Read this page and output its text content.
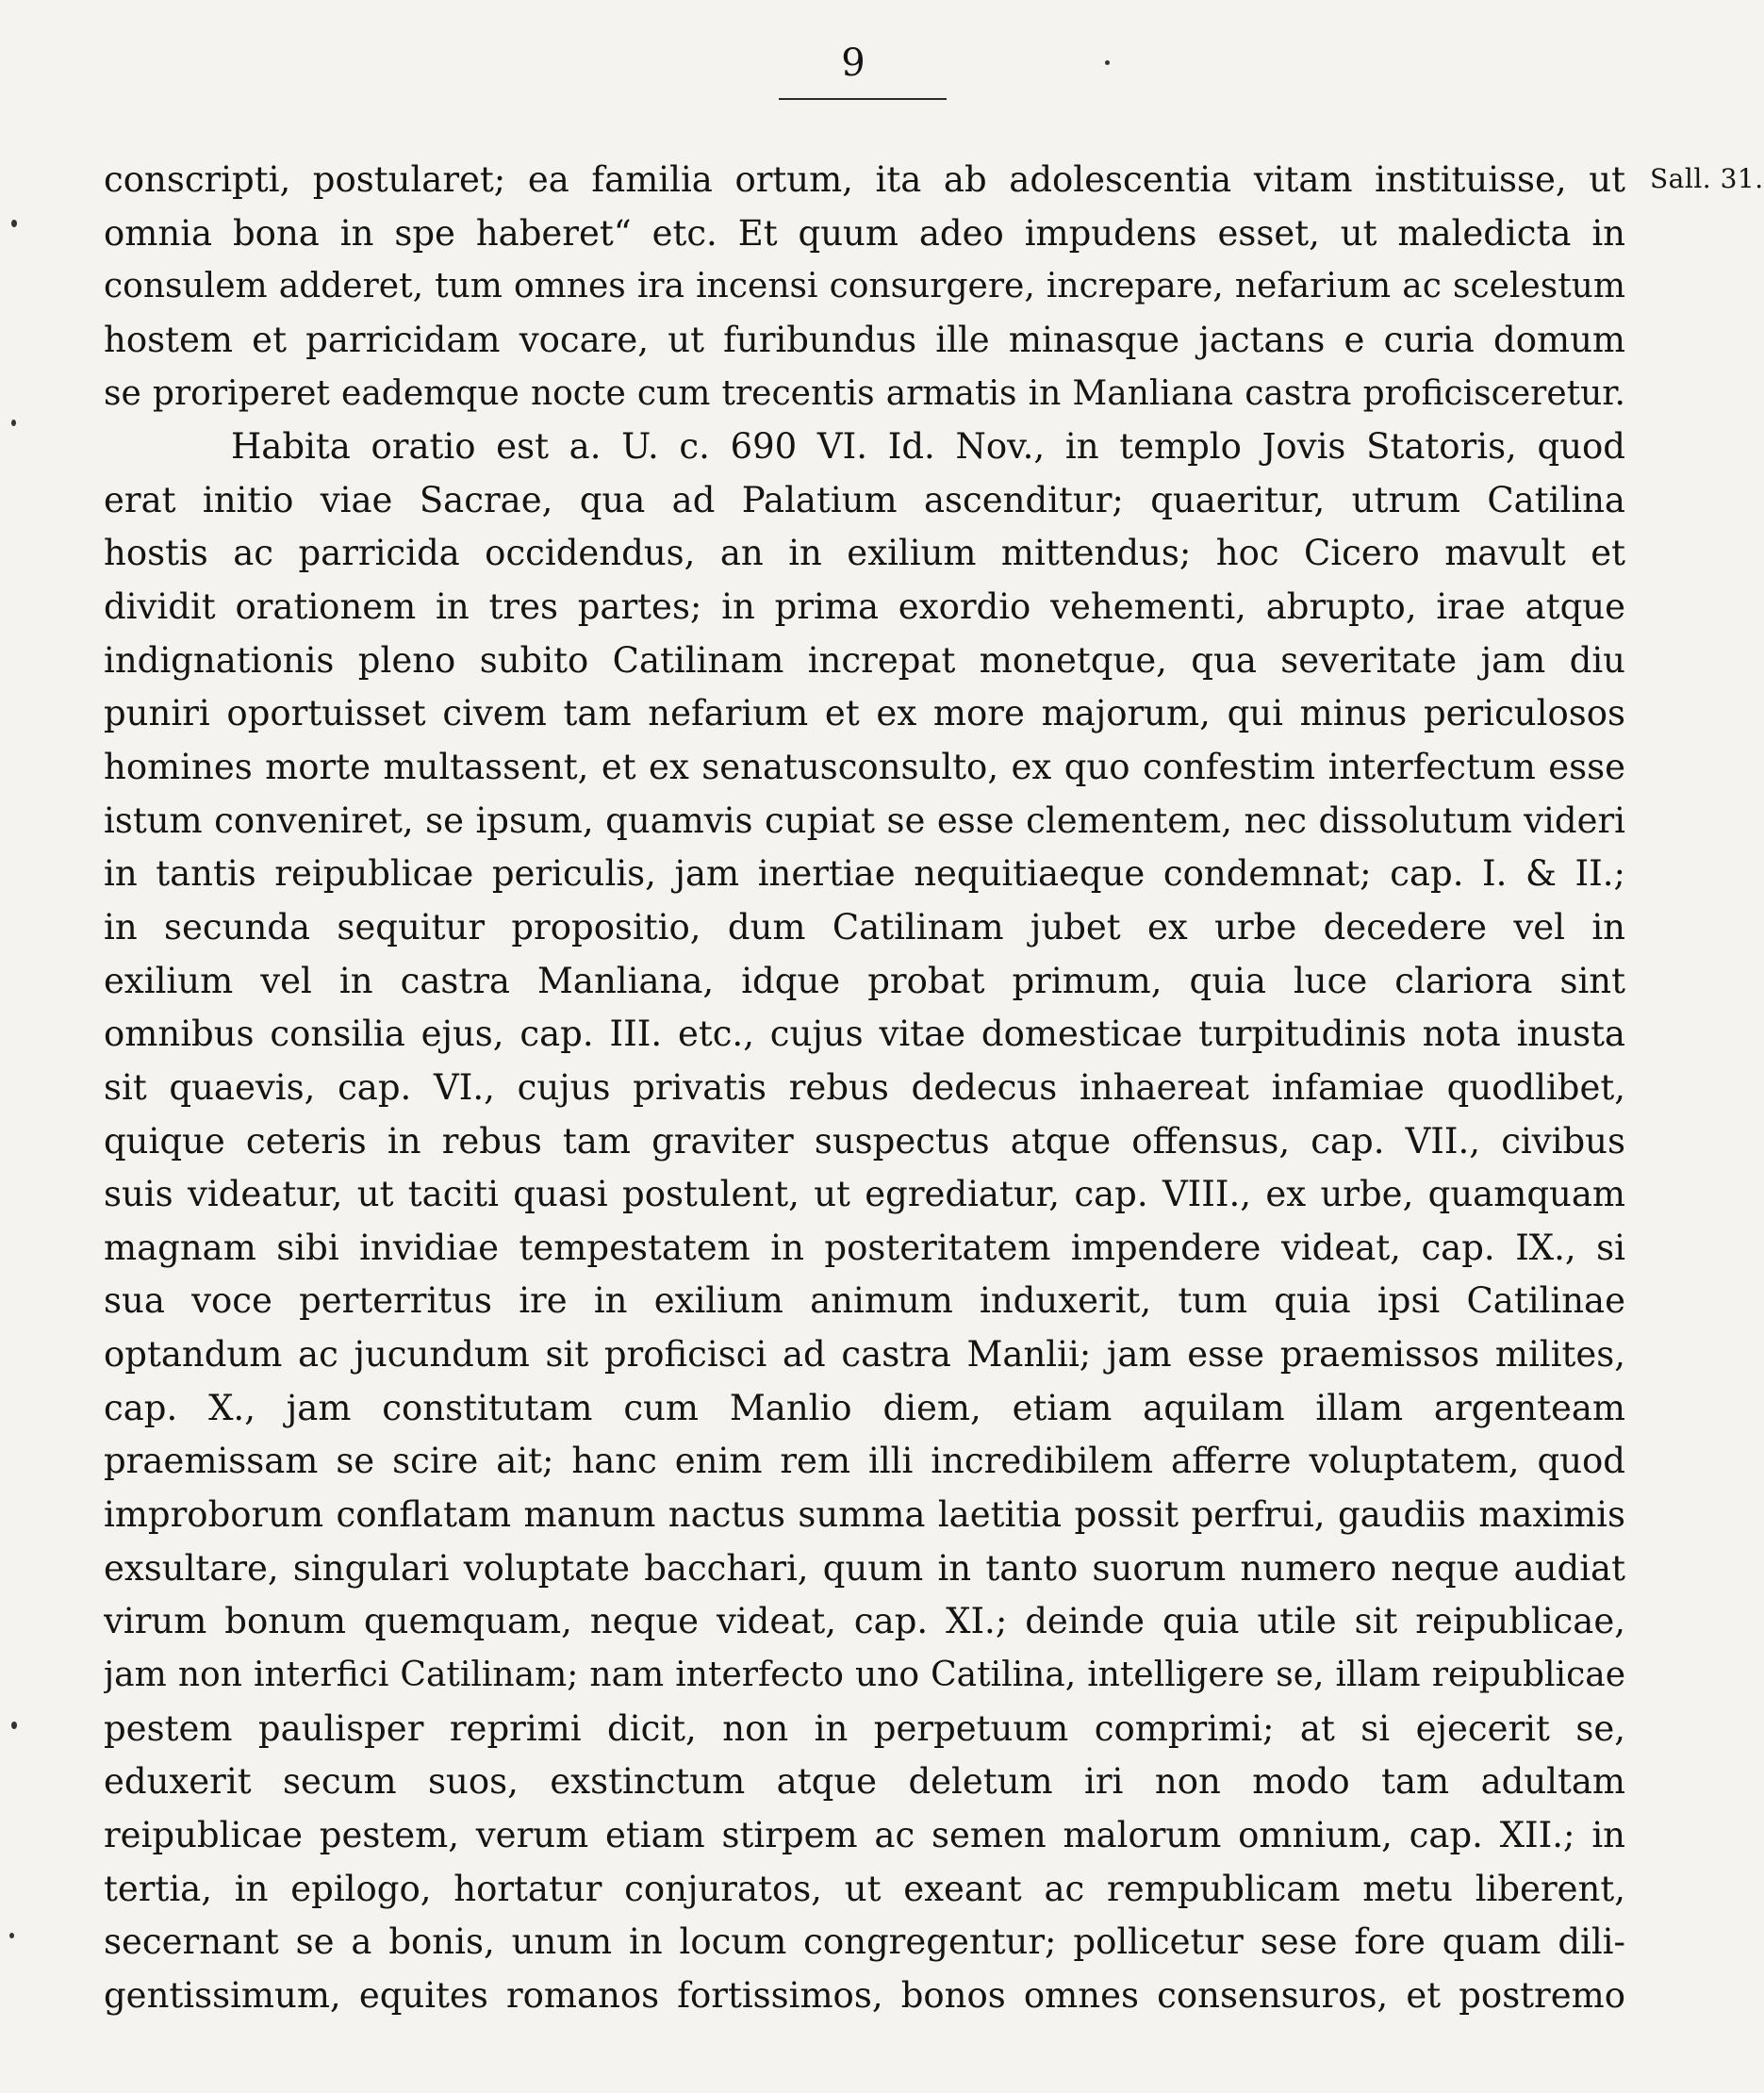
9
Sall. 31.
conscripti, postularet; ea familia ortum, ita ab adolescentia vitam instituisse, ut
omnia bona in spe haberet“ etc. Et quum adeo impudens esset, ut maledicta in
consulem adderet, tum omnes ira incensi consurgere, increpare, nefarium ac scelestum
hostem et parricidam vocare, ut furibundus ille minasque jactans e curia domum
se proriperet eademque nocte cum trecentis armatis in Manliana castra proficisceretur.
Habita oratio est a. U. c. 690 VI. Id. Nov., in templo Jovis Statoris, quod
erat initio viae Sacrae, qua ad Palatium ascenditur; quaeritur, utrum Catilina
hostis ac parricida occidendus, an in exilium mittendus; hoc Cicero mavult et
dividit orationem in tres partes; in prima exordio vehementi, abrupto, irae atque
indignationis pleno subito Catilinam increpat monetque, qua severitate jam diu
puniri oportuisset civem tam nefarium et ex more majorum, qui minus periculosos
homines morte multassent, et ex senatusconsulto, ex quo confestim interfectum esse
istum conveniret, se ipsum, quamvis cupiat se esse clementem, nec dissolutum videri
in tantis reipublicae periculis, jam inertiae nequitiaeque condemnat; cap. I. & II.;
in secunda sequitur propositio, dum Catilinam jubet ex urbe decedere vel in
exilium vel in castra Manliana, idque probat primum, quia luce clariora sint
omnibus consilia ejus, cap. III. etc., cujus vitae domesticae turpitudinis nota inusta
sit quaevis, cap. VI., cujus privatis rebus dedecus inhaereat infamiae quodlibet,
quique ceteris in rebus tam graviter suspectus atque offensus, cap. VII., civibus
suis videatur, ut taciti quasi postulent, ut egrediatur, cap. VIII., ex urbe, quamquam
magnam sibi invidiae tempestatem in posteritatem impendere videat, cap. IX., si
sua voce perterritus ire in exilium animum induxerit, tum quia ipsi Catilinae
optandum ac jucundum sit proficisci ad castra Manlii; jam esse praemissos milites,
cap. X., jam constitutam cum Manlio diem, etiam aquilam illam argenteam
praemissam se scire ait; hanc enim rem illi incredibilem afferre voluptatem, quod
improborum conflatam manum nactus summa laetitia possit perfrui, gaudiis maximis
exsultare, singulari voluptate bacchari, quum in tanto suorum numero neque audiat
virum bonum quemquam, neque videat, cap. XI.; deinde quia utile sit reipublicae,
jam non interfici Catilinam; nam interfecto uno Catilina, intelligere se, illam reipublicae
pestem paulisper reprimi dicit, non in perpetuum comprimi; at si ejecerit se,
eduxerit secum suos, exstinctum atque deletum iri non modo tam adultam
reipublicae pestem, verum etiam stirpem ac semen malorum omnium, cap. XII.; in
tertia, in epilogo, hortatur conjuratos, ut exeant ac rempublicam metu liberent,
secernant se a bonis, unum in locum congregentur; pollicetur sese fore quam dili-
gentissimum, equites romanos fortissimos, bonos omnes consensuros, et postremo
